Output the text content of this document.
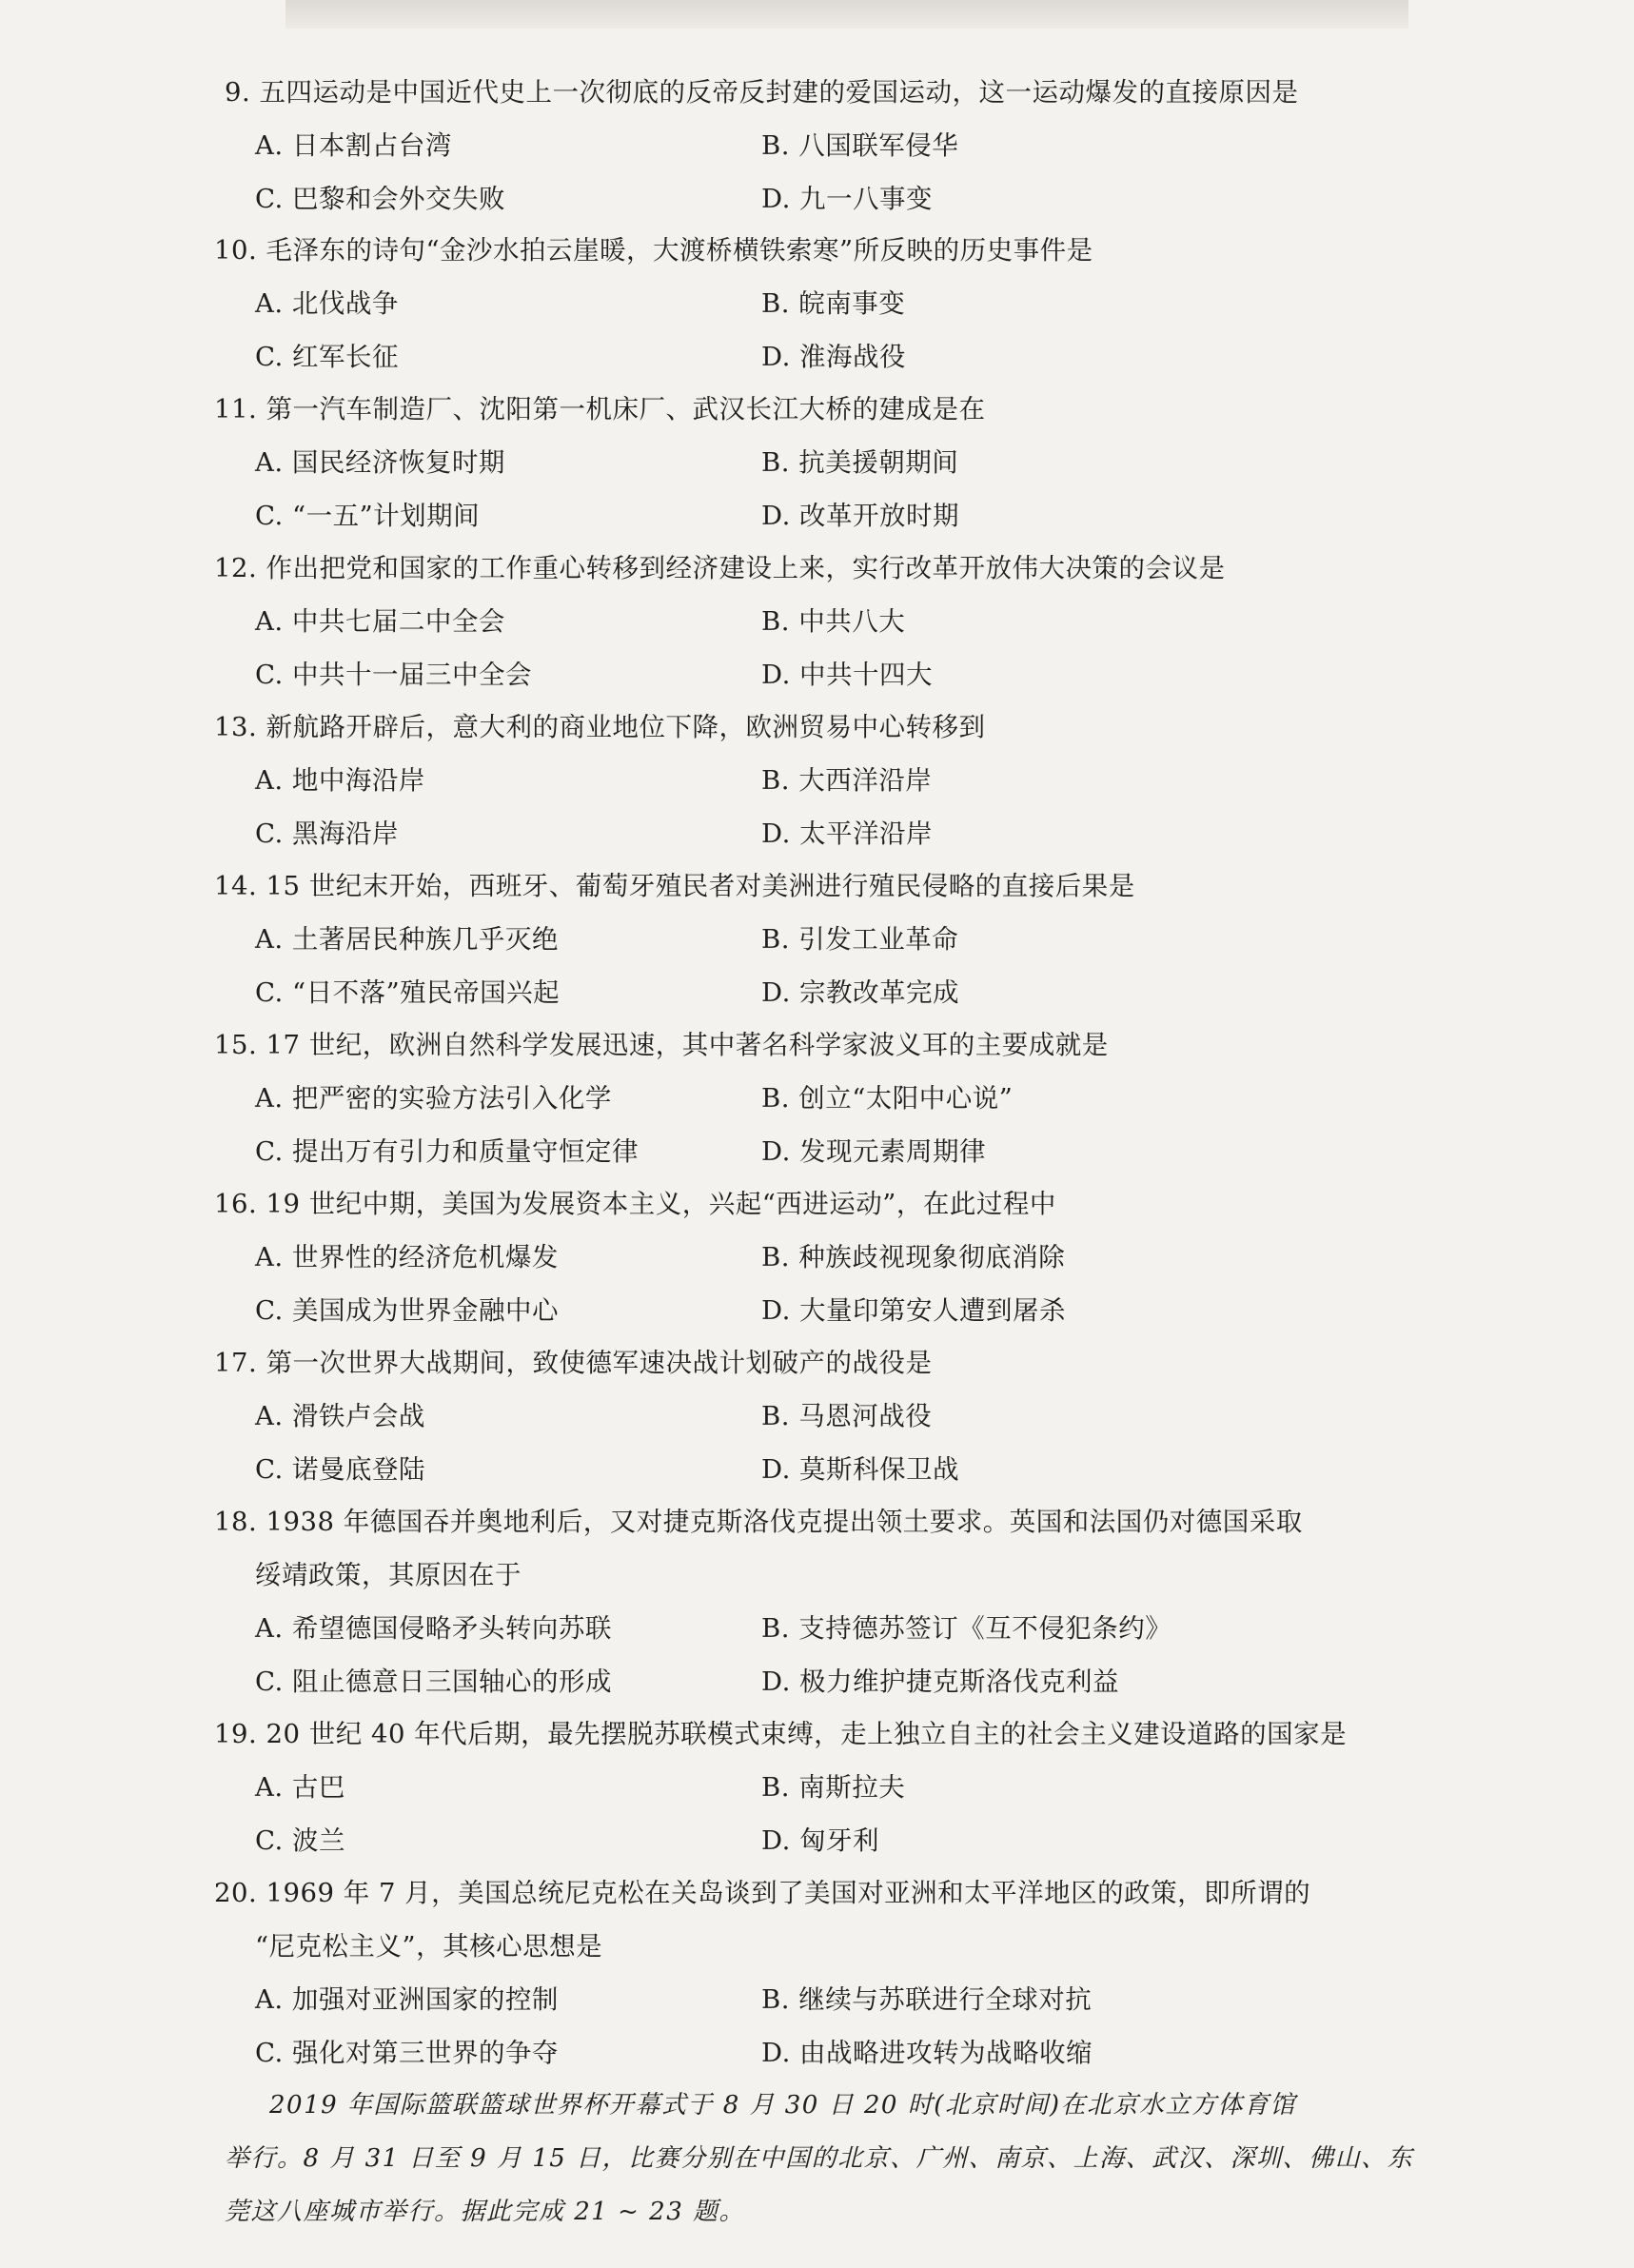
9. 五四运动是中国近代史上一次彻底的反帝反封建的爱国运动，这一运动爆发的直接原因是
A. 日本割占台湾	B. 八国联军侵华
C. 巴黎和会外交失败	D. 九一八事变
10. 毛泽东的诗句“金沙水拍云崖暖，大渡桥横铁索寒”所反映的历史事件是
A. 北伐战争	B. 皖南事变
C. 红军长征	D. 淮海战役
11. 第一汽车制造厂、沈阳第一机床厂、武汉长江大桥的建成是在
A. 国民经济恢复时期	B. 抗美援朝期间
C. “一五”计划期间	D. 改革开放时期
12. 作出把党和国家的工作重心转移到经济建设上来，实行改革开放伟大决策的会议是
A. 中共七届二中全会	B. 中共八大
C. 中共十一届三中全会	D. 中共十四大
13. 新航路开辟后，意大利的商业地位下降，欧洲贸易中心转移到
A. 地中海沿岸	B. 大西洋沿岸
C. 黑海沿岸	D. 太平洋沿岸
14. 15 世纪末开始，西班牙、葡萄牙殖民者对美洲进行殖民侵略的直接后果是
A. 土著居民种族几乎灭绝	B. 引发工业革命
C. “日不落”殖民帝国兴起	D. 宗教改革完成
15. 17 世纪，欧洲自然科学发展迅速，其中著名科学家波义耳的主要成就是
A. 把严密的实验方法引入化学	B. 创立“太阳中心说”
C. 提出万有引力和质量守恒定律	D. 发现元素周期律
16. 19 世纪中期，美国为发展资本主义，兴起“西进运动”，在此过程中
A. 世界性的经济危机爆发	B. 种族歧视现象彻底消除
C. 美国成为世界金融中心	D. 大量印第安人遭到屠杀
17. 第一次世界大战期间，致使德军速决战计划破产的战役是
A. 滑铁卢会战	B. 马恩河战役
C. 诺曼底登陆	D. 莫斯科保卫战
18. 1938 年德国吞并奥地利后，又对捷克斯洛伐克提出领土要求。英国和法国仍对德国采取
绥靖政策，其原因在于
A. 希望德国侵略矛头转向苏联	B. 支持德苏签订《互不侵犯条约》
C. 阻止德意日三国轴心的形成	D. 极力维护捷克斯洛伐克利益
19. 20 世纪 40 年代后期，最先摆脱苏联模式束缚，走上独立自主的社会主义建设道路的国家是
A. 古巴	B. 南斯拉夫
C. 波兰	D. 匈牙利
20. 1969 年 7 月，美国总统尼克松在关岛谈到了美国对亚洲和太平洋地区的政策，即所谓的
“尼克松主义”，其核心思想是
A. 加强对亚洲国家的控制	B. 继续与苏联进行全球对抗
C. 强化对第三世界的争夺	D. 由战略进攻转为战略收缩
2019 年国际篮联篮球世界杯开幕式于 8 月 30 日 20 时(北京时间)在北京水立方体育馆
举行。8 月 31 日至 9 月 15 日，比赛分别在中国的北京、广州、南京、上海、武汉、深圳、佛山、东
莞这八座城市举行。据此完成 21 ~ 23 题。
